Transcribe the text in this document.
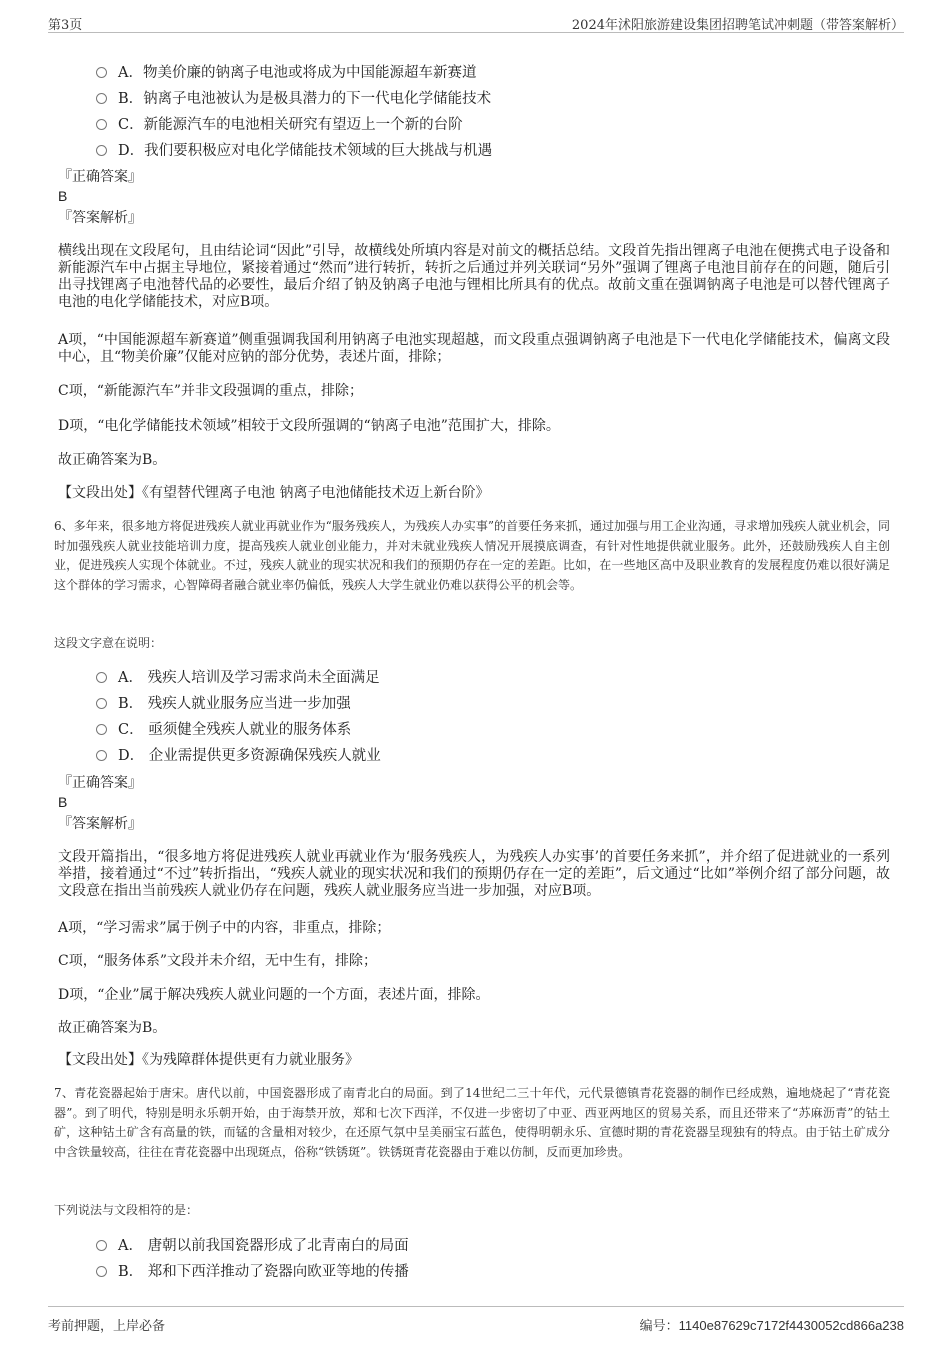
第3页	2024年沭阳旅游建设集团招聘笔试冲刺题（带答案解析）
A．物美价廉的钠离子电池或将成为中国能源超车新赛道
B．钠离子电池被认为是极具潜力的下一代电化学储能技术
C．新能源汽车的电池相关研究有望迈上一个新的台阶
D．我们要积极应对电化学储能技术领域的巨大挑战与机遇
『正确答案』
B
『答案解析』
横线出现在文段尾句，且由结论词“因此”引导，故横线处所填内容是对前文的概括总结。文段首先指出锂离子电池在便携式电子设备和新能源汽车中占据主导地位，紧接着通过“然而”进行转折，转折之后通过并列关联词“另外”强调了锂离子电池目前存在的问题，随后引出寻找锂离子电池替代品的必要性，最后介绍了钠及钠离子电池与锂相比所具有的优点。故前文重在强调钠离子电池是可以替代锂离子电池的电化学储能技术，对应B项。
A项，“中国能源超车新赛道”侧重强调我国利用钠离子电池实现超越，而文段重点强调钠离子电池是下一代电化学储能技术，偏离文段中心，且“物美价廉”仅能对应钠的部分优势，表述片面，排除；
C项，“新能源汽车”并非文段强调的重点，排除；
D项，“电化学储能技术领域”相较于文段所强调的“钠离子电池”范围扩大，排除。
故正确答案为B。
【文段出处】《有望替代锂离子电池 钠离子电池储能技术迈上新台阶》
6、多年来，很多地方将促进残疾人就业再就业作为“服务残疾人，为残疾人办实事”的首要任务来抓，通过加强与用工企业沟通，寻求增加残疾人就业机会，同时加强残疾人就业技能培训力度，提高残疾人就业创业能力，并对未就业残疾人情况开展摸底调查，有针对性地提供就业服务。此外，还鼓励残疾人自主创业，促进残疾人实现个体就业。不过，残疾人就业的现实状况和我们的预期仍存在一定的差距。比如，在一些地区高中及职业教育的发展程度仍难以很好满足这个群体的学习需求，心智障碍者融合就业率仍偏低，残疾人大学生就业仍难以获得公平的机会等。
这段文字意在说明：
A． 残疾人培训及学习需求尚未全面满足
B． 残疾人就业服务应当进一步加强
C． 亟须健全残疾人就业的服务体系
D． 企业需提供更多资源确保残疾人就业
『正确答案』
B
『答案解析』
文段开篇指出，“很多地方将促进残疾人就业再就业作为‘服务残疾人，为残疾人办实事’的首要任务来抓”，并介绍了促进就业的一系列举措，接着通过“不过”转折指出，“残疾人就业的现实状况和我们的预期仍存在一定的差距”，后文通过“比如”举例介绍了部分问题，故文段意在指出当前残疾人就业仍存在问题，残疾人就业服务应当进一步加强，对应B项。
A项，“学习需求”属于例子中的内容，非重点，排除；
C项，“服务体系”文段并未介绍，无中生有，排除；
D项，“企业”属于解决残疾人就业问题的一个方面，表述片面，排除。
故正确答案为B。
【文段出处】《为残障群体提供更有力就业服务》
7、青花瓷器起始于唐宋。唐代以前，中国瓷器形成了南青北白的局面。到了14世纪二三十年代，元代景德镇青花瓷器的制作已经成熟，遍地烧起了“青花瓷器”。到了明代，特别是明永乐朝开始，由于海禁开放，郑和七次下西洋，不仅进一步密切了中亚、西亚两地区的贸易关系，而且还带来了“苏麻沥青”的钴土矿，这种钴土矿含有高量的铁，而锰的含量相对较少，在还原气氛中呈美丽宝石蓝色，使得明朝永乐、宣德时期的青花瓷器呈现独有的特点。由于钴土矿成分中含铁量较高，往往在青花瓷器中出现斑点，俗称“铁锈斑”。铁锈斑青花瓷器由于难以仿制，反而更加珍贵。
下列说法与文段相符的是：
A． 唐朝以前我国瓷器形成了北青南白的局面
B． 郑和下西洋推动了瓷器向欧亚等地的传播
考前押题，上岸必备	编号：1140e87629c7172f4430052cd866a238
